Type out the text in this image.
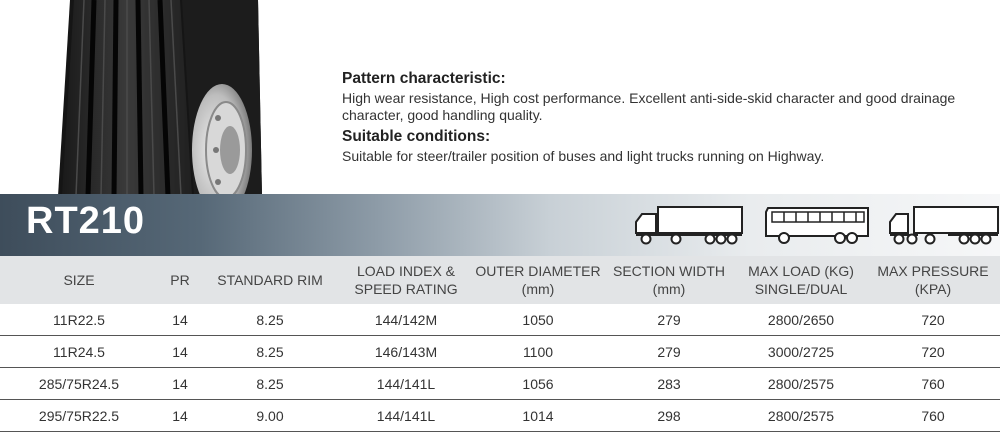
Pattern characteristic:

High wear resistance, High cost performance. Excellent anti-side-skid character and good drainage character, good handling quality.

Suitable conditions:

Suitable for steer/trailer position of buses and light trucks running on Highway.

RT210
SIZE	PR	STANDARD RIM	LOAD INDEX & SPEED RATING	OUTER DIAMETER (mm)	SECTION WIDTH (mm)	MAX LOAD (KG) SINGLE/DUAL	MAX PRESSURE (KPA)
11R22.5	14	8.25	144/142M	1050	279	2800/2650	720
11R24.5	14	8.25	146/143M	1100	279	3000/2725	720
285/75R24.5	14	8.25	144/141L	1056	283	2800/2575	760
295/75R22.5	14	9.00	144/141L	1014	298	2800/2575	760
